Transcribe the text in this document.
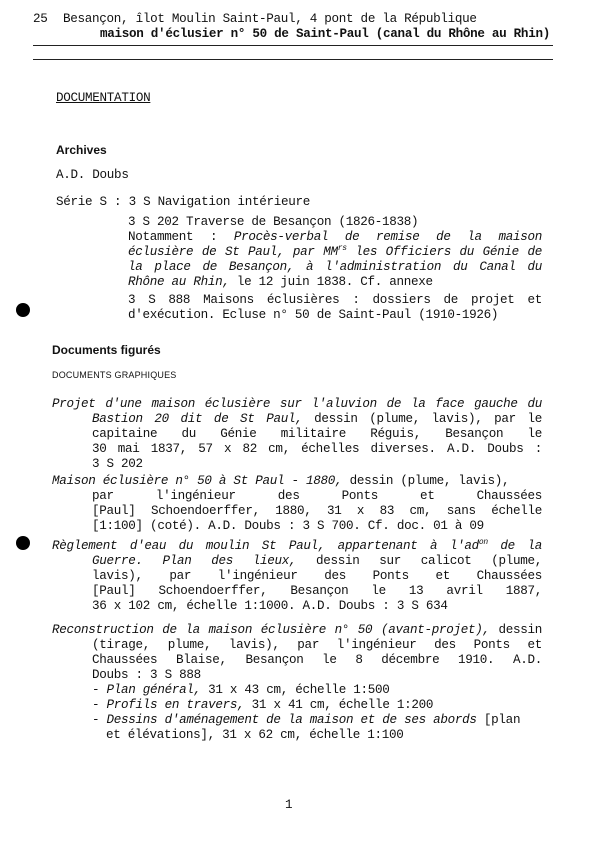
25 Besançon, îlot Moulin Saint-Paul, 4 pont de la République
maison d'éclusier n° 50 de Saint-Paul (canal du Rhône au Rhin)
DOCUMENTATION
Archives
A.D. Doubs
Série S : 3 S Navigation intérieure
3 S 202 Traverse de Besançon (1826-1838)
Notamment : Procès-verbal de remise de la maison
éclusière de St Paul, par $MM^{rs}$ les Officiers du Génie de
la place de Besançon, à l'administration du Canal du
Rhône au Rhin, le 12 juin 1838. Cf. annexe
3 S 888 Maisons éclusières : dossiers de projet et
d'exécution. Ecluse n° 50 de Saint-Paul (1910-1926)
Documents figurés
DOCUMENTS GRAPHIQUES
Projet d'une maison éclusière sur l'aluvion de la face gauche du
Bastion 20 dit de St Paul, dessin (plume, lavis), par le
capitaine du Génie militaire Réguis, Besançon le
30 mai 1837, 57 x 82 cm, échelles diverses. A.D. Doubs :
3 S 202
Maison éclusière n° 50 à St Paul - 1880, dessin (plume, lavis),
par l'ingénieur des Ponts et Chaussées
[Paul] Schoendoerffer, 1880, 31 x 83 cm, sans échelle
[1:100] (coté). A.D. Doubs : 3 S 700. Cf. doc. 01 à 09
Règlement d'eau du moulin St Paul, appartenant à $l'ad^{on}$ de la
Guerre. Plan des lieux, dessin sur calicot (plume,
lavis), par l'ingénieur des Ponts et Chaussées
[Paul] Schoendoerffer, Besançon le 13 avril 1887,
36 x 102 cm, échelle 1:1000. A.D. Doubs : 3 S 634
Reconstruction de la maison éclusière n° 50 (avant-projet), dessin
(tirage, plume, lavis), par l'ingénieur des Ponts et
Chaussées Blaise, Besançon le 8 décembre 1910. A.D.
Doubs : 3 S 888
- Plan général, 31 x 43 cm, échelle 1:500
- Profils en travers, 31 x 41 cm, échelle 1:200
- Dessins d'aménagement de la maison et de ses abords [plan
et élévations], 31 x 62 cm, échelle 1:100
1
